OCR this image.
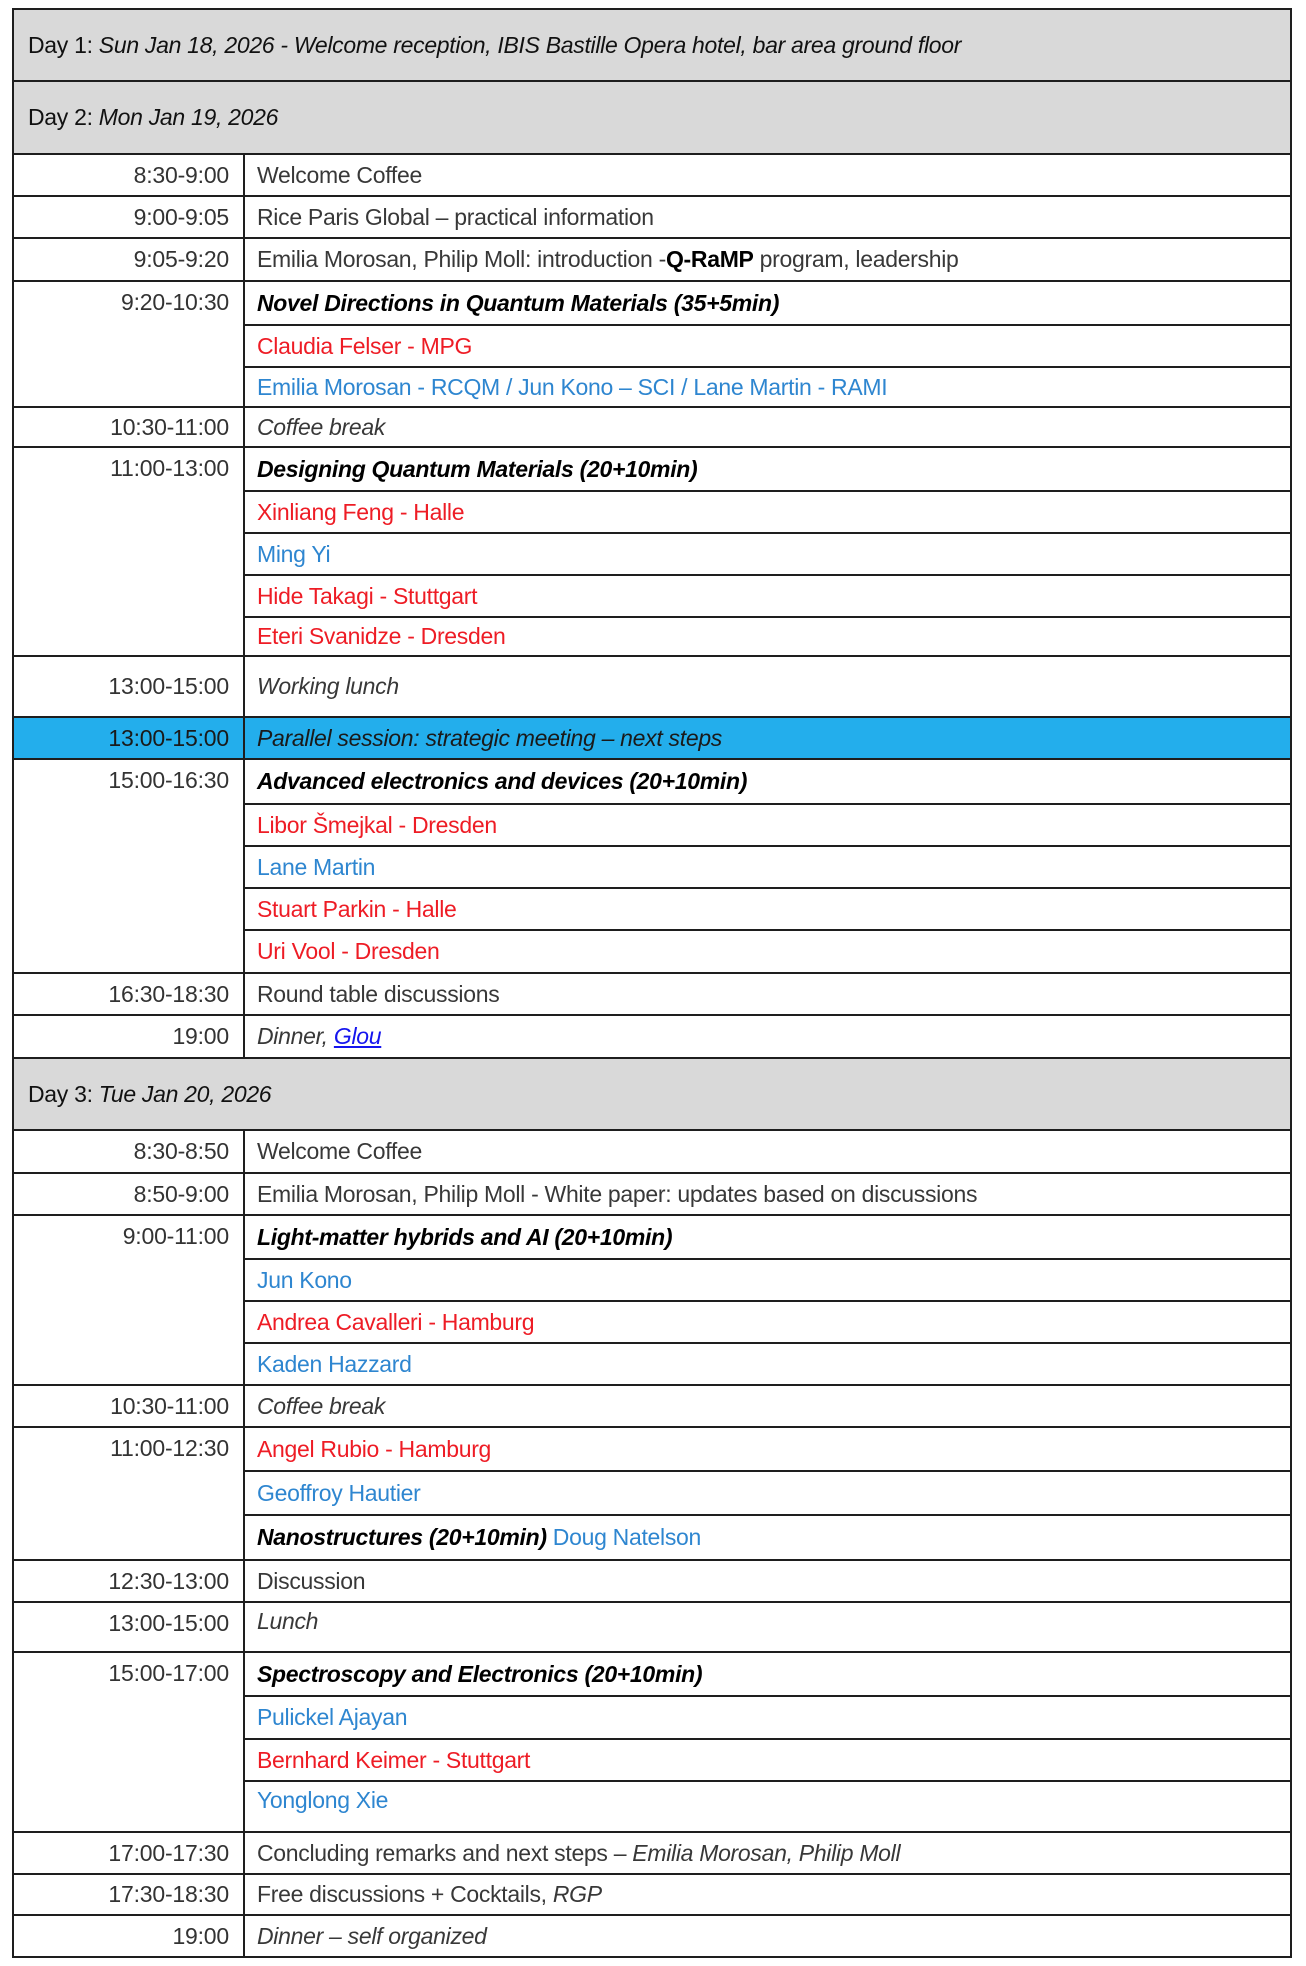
Day 1:
Sun Jan 18, 2026 - Welcome reception, IBIS Bastille Opera hotel, bar area ground floor
Day 2:
Mon Jan 19, 2026
8:30-9:00	Welcome Coffee
9:00-9:05	Rice Paris Global – practical information
9:05-9:20	Emilia Morosan, Philip Moll: introduction - Q-RaMP program, leadership
9:20-10:30	Novel Directions in Quantum Materials (35+5min)
Claudia Felser - MPG
Emilia Morosan - RCQM / Jun Kono – SCI / Lane Martin - RAMI
10:30-11:00	Coffee break
11:00-13:00	Designing Quantum Materials (20+10min)
Xinliang Feng - Halle
Ming Yi
Hide Takagi - Stuttgart
Eteri Svanidze - Dresden
13:00-15:00	Working lunch
13:00-15:00	Parallel session: strategic meeting – next steps
15:00-16:30	Advanced electronics and devices (20+10min)
Libor Šmejkal - Dresden
Lane Martin
Stuart Parkin - Halle
Uri Vool - Dresden
16:30-18:30	Round table discussions
19:00	Dinner, Glou
Day 3:
Tue Jan 20, 2026
8:30-8:50	Welcome Coffee
8:50-9:00	Emilia Morosan, Philip Moll - White paper: updates based on discussions
9:00-11:00	Light-matter hybrids and AI (20+10min)
Jun Kono
Andrea Cavalleri - Hamburg
Kaden Hazzard
10:30-11:00	Coffee break
11:00-12:30	Angel Rubio - Hamburg
Geoffroy Hautier
Nanostructures (20+10min) Doug Natelson
12:30-13:00	Discussion
13:00-15:00	Lunch
15:00-17:00	Spectroscopy and Electronics (20+10min)
Pulickel Ajayan
Bernhard Keimer - Stuttgart
Yonglong Xie
17:00-17:30	Concluding remarks and next steps – Emilia Morosan, Philip Moll
17:30-18:30	Free discussions + Cocktails, RGP
19:00	Dinner – self organized
